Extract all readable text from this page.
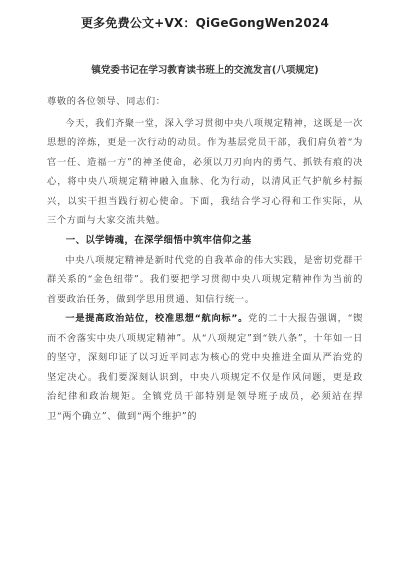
更多免费公文+VX：QiGeGongWen2024
镇党委书记在学习教育读书班上的交流发言(八项规定)

尊敬的各位领导、同志们：

今天，我们齐聚一堂，深入学习贯彻中央八项规定精神，这既是一次思想的淬炼，更是一次行动的动员。作为基层党员干部，我们肩负着“为官一任、造福一方”的神圣使命，必须以刀刃向内的勇气、抓铁有痕的决心，将中央八项规定精神融入血脉、化为行动，以清风正气护航乡村振兴，以实干担当践行初心使命。下面，我结合学习心得和工作实际，从三个方面与大家交流共勉。

一、以学铸魂，在深学细悟中筑牢信仰之基

中央八项规定精神是新时代党的自我革命的伟大实践，是密切党群干群关系的“金色纽带”。我们要把学习贯彻中央八项规定精神作为当前的首要政治任务，做到学思用贯通、知信行统一。

一是提高政治站位，校准思想“航向标”。党的二十大报告强调，“锲而不舍落实中央八项规定精神”。从“八项规定”到“铁八条”，十年如一日的坚守，深刻印证了以习近平同志为核心的党中央推进全面从严治党的坚定决心。我们要深刻认识到，中央八项规定不仅是作风问题，更是政治纪律和政治规矩。全镇党员干部特别是领导班子成员，必须站在捍卫“两个确立”、做到“两个维护”的
